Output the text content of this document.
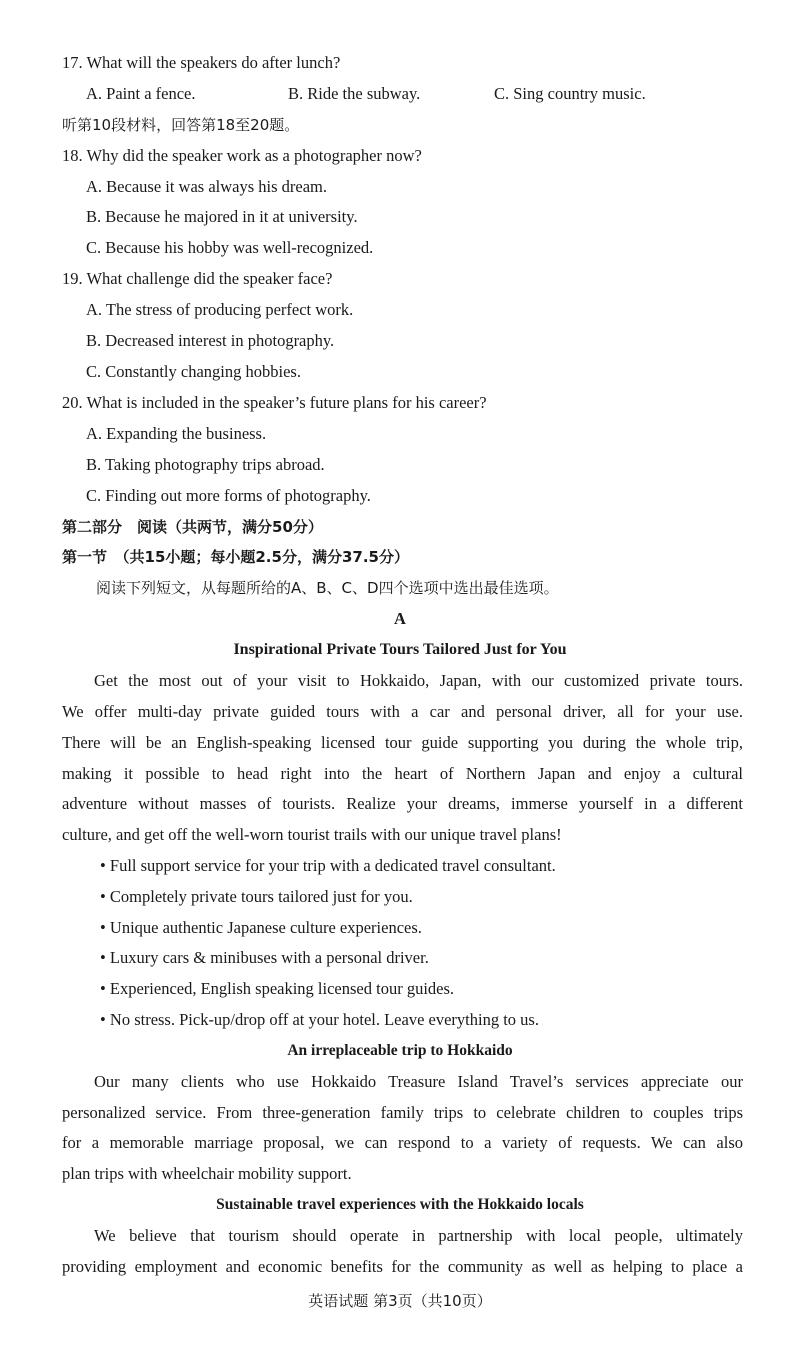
17. What will the speakers do after lunch?
A. Paint a fence.	B. Ride the subway.	C. Sing country music.
听第10段材料，回答第18至20题。
18. Why did the speaker work as a photographer now?
A. Because it was always his dream.
B. Because he majored in it at university.
C. Because his hobby was well-recognized.
19. What challenge did the speaker face?
A. The stress of producing perfect work.
B. Decreased interest in photography.
C. Constantly changing hobbies.
20. What is included in the speaker’s future plans for his career?
A. Expanding the business.
B. Taking photography trips abroad.
C. Finding out more forms of photography.
第二部分　阅读（共两节，满分50分）
第一节　（共15小题；每小题2.5分，满分37.5分）
阅读下列短文，从每题所给的A、B、C、D四个选项中选出最佳选项。
A
Inspirational Private Tours Tailored Just for You
Get the most out of your visit to Hokkaido, Japan, with our customized private tours.
We offer multi-day private guided tours with a car and personal driver, all for your use.
There will be an English-speaking licensed tour guide supporting you during the whole trip,
making it possible to head right into the heart of Northern Japan and enjoy a cultural
adventure without masses of tourists. Realize your dreams, immerse yourself in a different
culture, and get off the well-worn tourist trails with our unique travel plans!
• Full support service for your trip with a dedicated travel consultant.
• Completely private tours tailored just for you.
• Unique authentic Japanese culture experiences.
• Luxury cars & minibuses with a personal driver.
• Experienced, English speaking licensed tour guides.
• No stress. Pick-up/drop off at your hotel. Leave everything to us.
An irreplaceable trip to Hokkaido
Our many clients who use Hokkaido Treasure Island Travel’s services appreciate our
personalized service. From three-generation family trips to celebrate children to couples trips
for a memorable marriage proposal, we can respond to a variety of requests. We can also
plan trips with wheelchair mobility support.
Sustainable travel experiences with the Hokkaido locals
We believe that tourism should operate in partnership with local people, ultimately
providing employment and economic benefits for the community as well as helping to place a
英语试题 第3页（共10页）
